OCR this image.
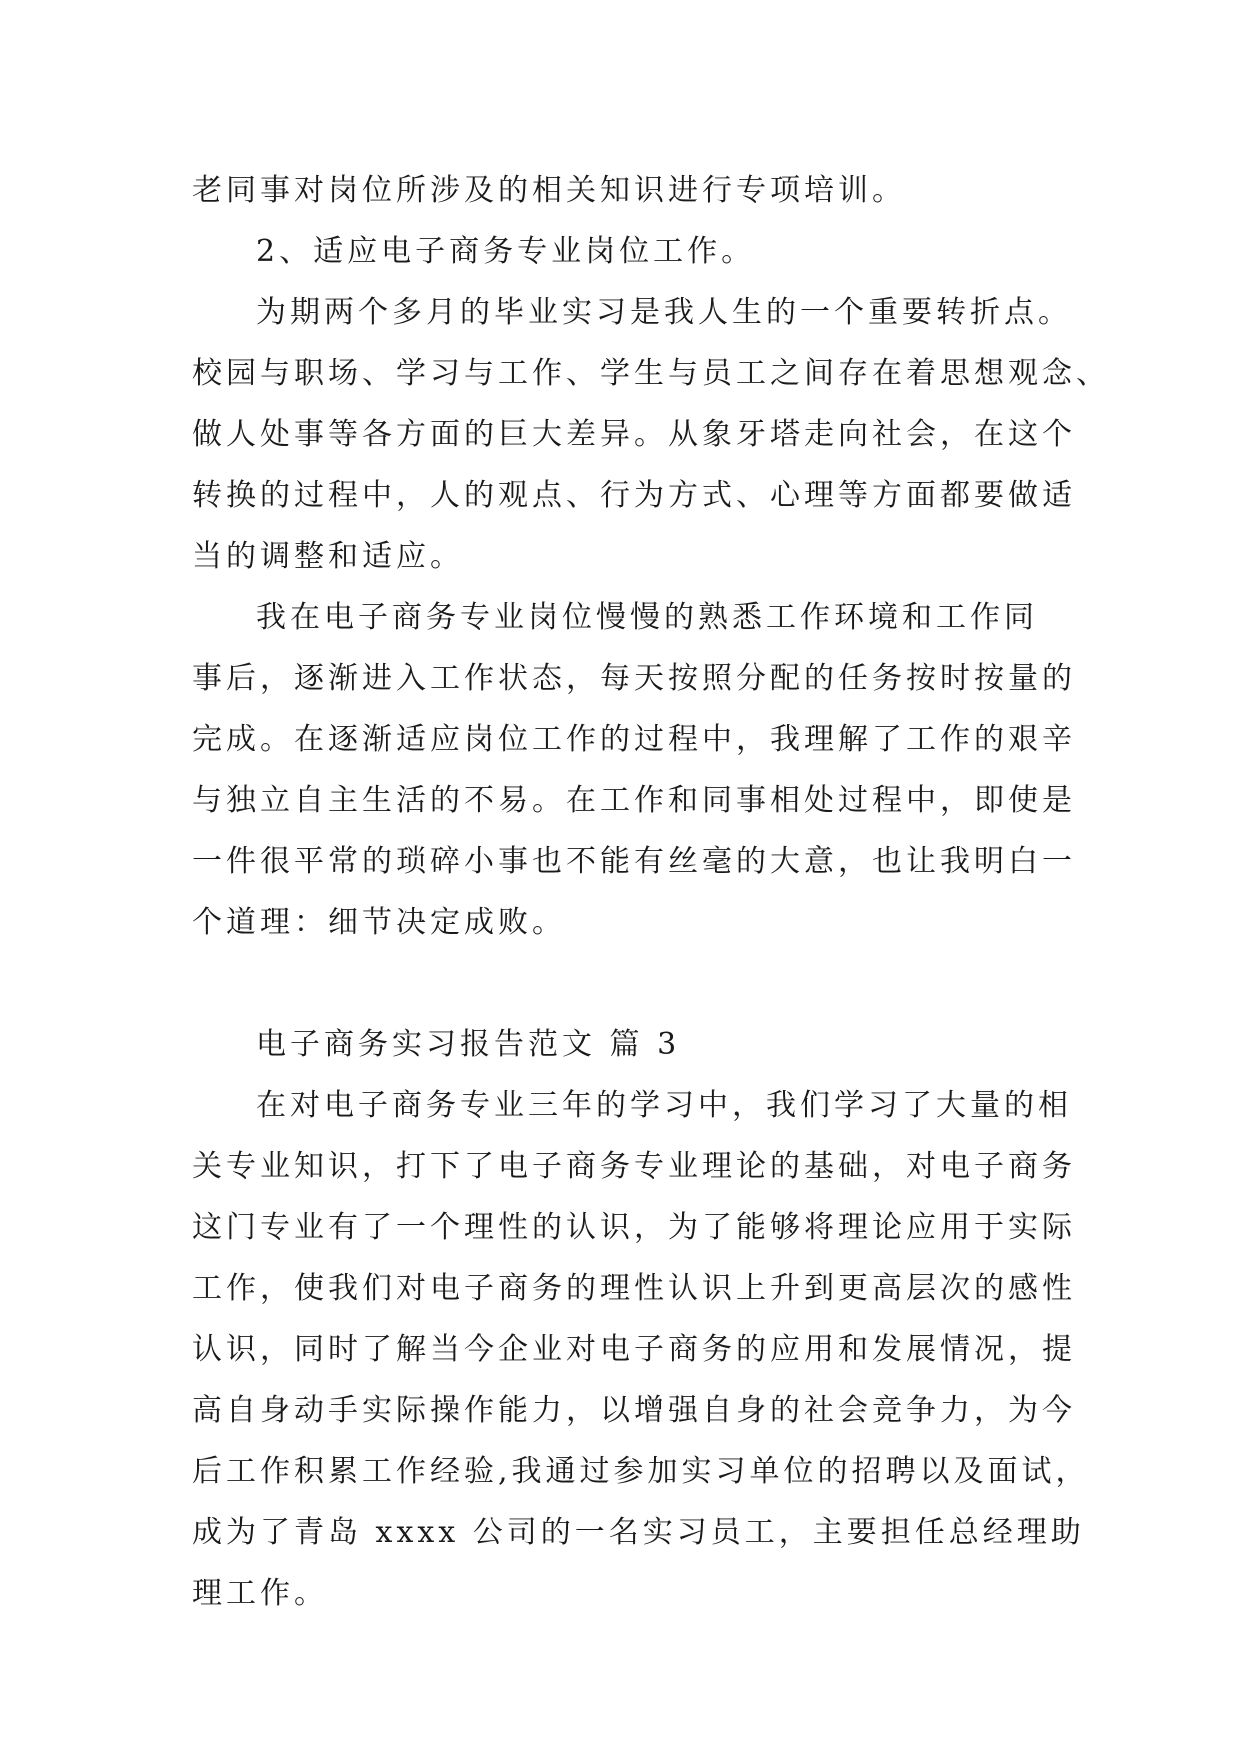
老同事对岗位所涉及的相关知识进行专项培训。
2、适应电子商务专业岗位工作。
为期两个多月的毕业实习是我人生的一个重要转折点。
校园与职场、学习与工作、学生与员工之间存在着思想观念、
做人处事等各方面的巨大差异。从象牙塔走向社会，在这个
转换的过程中，人的观点、行为方式、心理等方面都要做适
当的调整和适应。
我在电子商务专业岗位慢慢的熟悉工作环境和工作同
事后，逐渐进入工作状态，每天按照分配的任务按时按量的
完成。在逐渐适应岗位工作的过程中，我理解了工作的艰辛
与独立自主生活的不易。在工作和同事相处过程中，即使是
一件很平常的琐碎小事也不能有丝毫的大意，也让我明白一
个道理：细节决定成败。
电子商务实习报告范文 篇 3
在对电子商务专业三年的学习中，我们学习了大量的相
关专业知识，打下了电子商务专业理论的基础，对电子商务
这门专业有了一个理性的认识，为了能够将理论应用于实际
工作，使我们对电子商务的理性认识上升到更高层次的感性
认识，同时了解当今企业对电子商务的应用和发展情况，提
高自身动手实际操作能力，以增强自身的社会竞争力，为今
后工作积累工作经验,我通过参加实习单位的招聘以及面试，
成为了青岛 xxxx 公司的一名实习员工，主要担任总经理助
理工作。
